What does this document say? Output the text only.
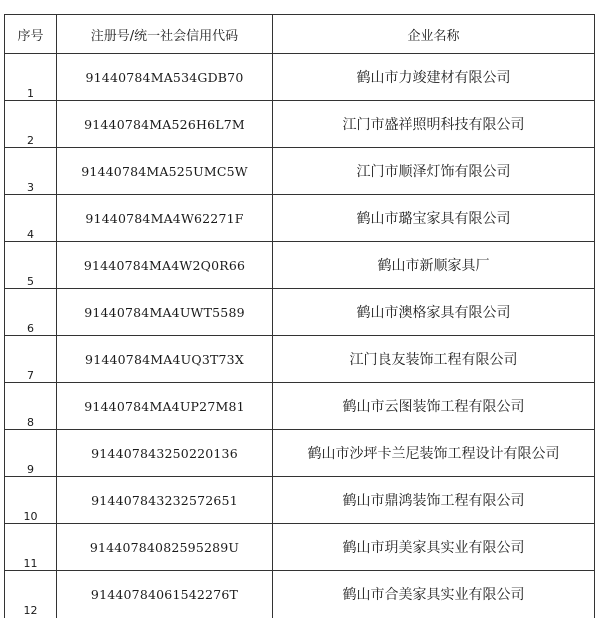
序号	注册号/统一社会信用代码	企业名称
1	91440784MA534GDB70	鹤山市力竣建材有限公司
2	91440784MA526H6L7M	江门市盛祥照明科技有限公司
3	91440784MA525UMC5W	江门市顺泽灯饰有限公司
4	91440784MA4W62271F	鹤山市璐宝家具有限公司
5	91440784MA4W2Q0R66	鹤山市新顺家具厂
6	91440784MA4UWT5589	鹤山市澳格家具有限公司
7	91440784MA4UQ3T73X	江门良友装饰工程有限公司
8	91440784MA4UP27M81	鹤山市云图装饰工程有限公司
9	914407843250220136	鹤山市沙坪卡兰尼装饰工程设计有限公司
10	914407843232572651	鹤山市鼎鸿装饰工程有限公司
11	91440784082595289U	鹤山市玥美家具实业有限公司
12	91440784061542276T	鹤山市合美家具实业有限公司
